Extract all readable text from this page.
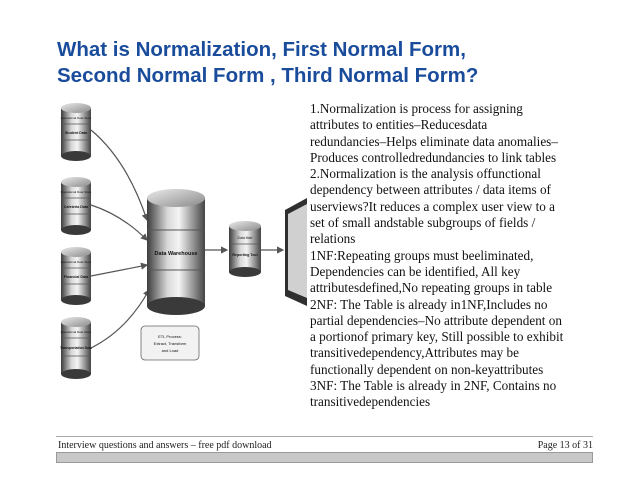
What is Normalization, First Normal Form,
Second Normal Form , Third Normal Form?
Operational Data Store
Student Data
Operational Data Store
Cafeteria Data
Operational Data Store
Financial Data
Operational Data Store
Transportation Data
Data Warehouse
Data Mart
Reporting Tool
ETL Process:
Extract, Transform
and Load
1.Normalization is process for assigning
attributes to entities–Reducesdata
redundancies–Helps eliminate data anomalies–
Produces controlledredundancies to link tables
2.Normalization is the analysis offunctional
dependency between attributes / data items of
userviews?It reduces a complex user view to a
set of small andstable subgroups of fields /
relations
1NF:Repeating groups must beeliminated,
Dependencies can be identified, All key
attributesdefined,No repeating groups in table
2NF: The Table is already in1NF,Includes no
partial dependencies–No attribute dependent on
a portionof primary key, Still possible to exhibit
transitivedependency,Attributes may be
functionally dependent on non-keyattributes
3NF: The Table is already in 2NF, Contains no
transitivedependencies
Interview questions and answers – free pdf download	Page 13 of 31
